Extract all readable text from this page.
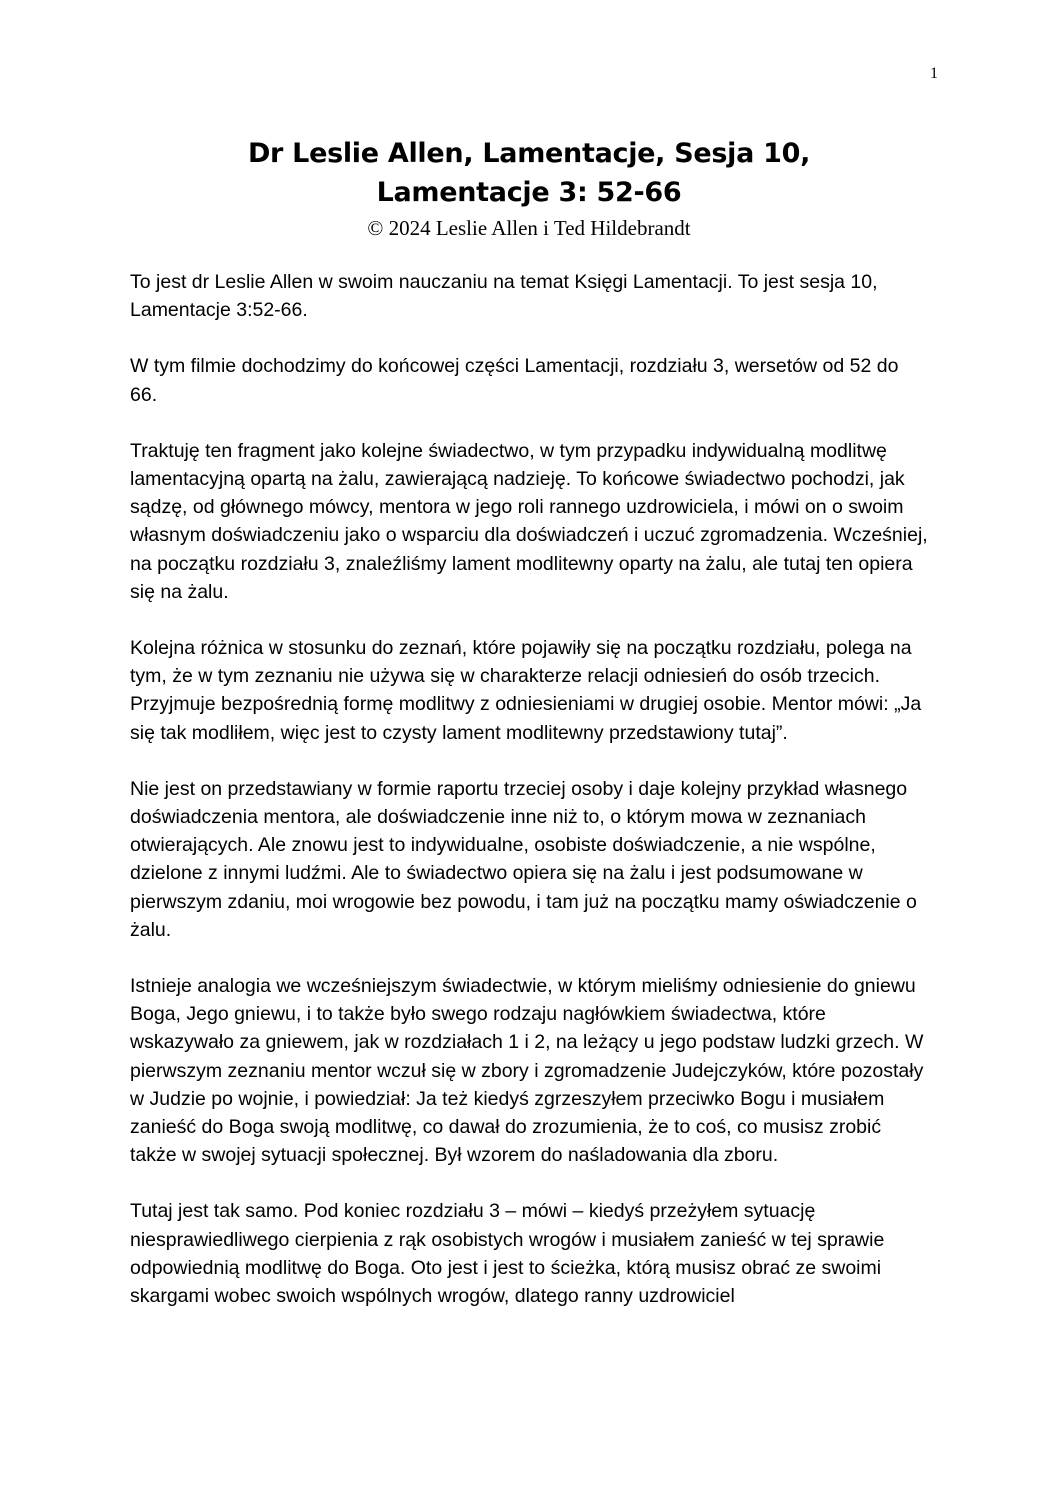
1
Dr Leslie Allen, Lamentacje, Sesja 10,
Lamentacje 3: 52-66
© 2024 Leslie Allen i Ted Hildebrandt

To jest dr Leslie Allen w swoim nauczaniu na temat Księgi Lamentacji. To jest sesja 10, Lamentacje 3:52-66.

W tym filmie dochodzimy do końcowej części Lamentacji, rozdziału 3, wersetów od 52 do 66.

Traktuję ten fragment jako kolejne świadectwo, w tym przypadku indywidualną modlitwę lamentacyjną opartą na żalu, zawierającą nadzieję. To końcowe świadectwo pochodzi, jak sądzę, od głównego mówcy, mentora w jego roli rannego uzdrowiciela, i mówi on o swoim własnym doświadczeniu jako o wsparciu dla doświadczeń i uczuć zgromadzenia. Wcześniej, na początku rozdziału 3, znaleźliśmy lament modlitewny oparty na żalu, ale tutaj ten opiera się na żalu.

Kolejna różnica w stosunku do zeznań, które pojawiły się na początku rozdziału, polega na tym, że w tym zeznaniu nie używa się w charakterze relacji odniesień do osób trzecich. Przyjmuje bezpośrednią formę modlitwy z odniesieniami w drugiej osobie. Mentor mówi: „Ja się tak modliłem, więc jest to czysty lament modlitewny przedstawiony tutaj”.

Nie jest on przedstawiany w formie raportu trzeciej osoby i daje kolejny przykład własnego doświadczenia mentora, ale doświadczenie inne niż to, o którym mowa w zeznaniach otwierających. Ale znowu jest to indywidualne, osobiste doświadczenie, a nie wspólne, dzielone z innymi ludźmi. Ale to świadectwo opiera się na żalu i jest podsumowane w pierwszym zdaniu, moi wrogowie bez powodu, i tam już na początku mamy oświadczenie o żalu.

Istnieje analogia we wcześniejszym świadectwie, w którym mieliśmy odniesienie do gniewu Boga, Jego gniewu, i to także było swego rodzaju nagłówkiem świadectwa, które wskazywało za gniewem, jak w rozdziałach 1 i 2, na leżący u jego podstaw ludzki grzech. W pierwszym zeznaniu mentor wczuł się w zbory i zgromadzenie Judejczyków, które pozostały w Judzie po wojnie, i powiedział: Ja też kiedyś zgrzeszyłem przeciwko Bogu i musiałem zanieść do Boga swoją modlitwę, co dawał do zrozumienia, że to coś, co musisz zrobić także w swojej sytuacji społecznej. Był wzorem do naśladowania dla zboru.

Tutaj jest tak samo. Pod koniec rozdziału 3 – mówi – kiedyś przeżyłem sytuację niesprawiedliwego cierpienia z rąk osobistych wrogów i musiałem zanieść w tej sprawie odpowiednią modlitwę do Boga. Oto jest i jest to ścieżka, którą musisz obrać ze swoimi skargami wobec swoich wspólnych wrogów, dlatego ranny uzdrowiciel
